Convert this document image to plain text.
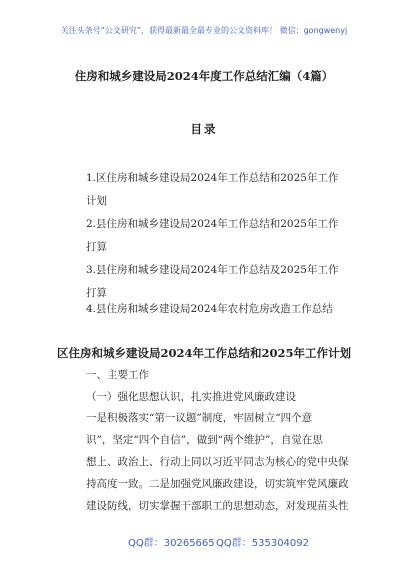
关注头条号“公文研究”，获得最新最全最专业的公文资料库！ 微信：gongwenyj
住房和城乡建设局2024年度工作总结汇编（4篇）
目录
1.区住房和城乡建设局2024年工作总结和2025年工作
计划
2.县住房和城乡建设局2024年工作总结和2025年工作
打算
3.县住房和城乡建设局2024年工作总结及2025年工作
打算
4.县住房和城乡建设局2024年农村危房改造工作总结
区住房和城乡建设局2024年工作总结和2025年工作计划
一、主要工作
（一）强化思想认识，扎实推进党风廉政建设
一是积极落实“第一议题”制度，牢固树立“四个意
识”，坚定“四个自信”，做到“两个维护”，自觉在思
想上、政治上、行动上同以习近平同志为核心的党中央保
持高度一致。二是加强党风廉政建设，切实筑牢党风廉政
建设防线，切实掌握干部职工的思想动态，对发现苗头性
QQ群：30265665 QQ群：535304092
